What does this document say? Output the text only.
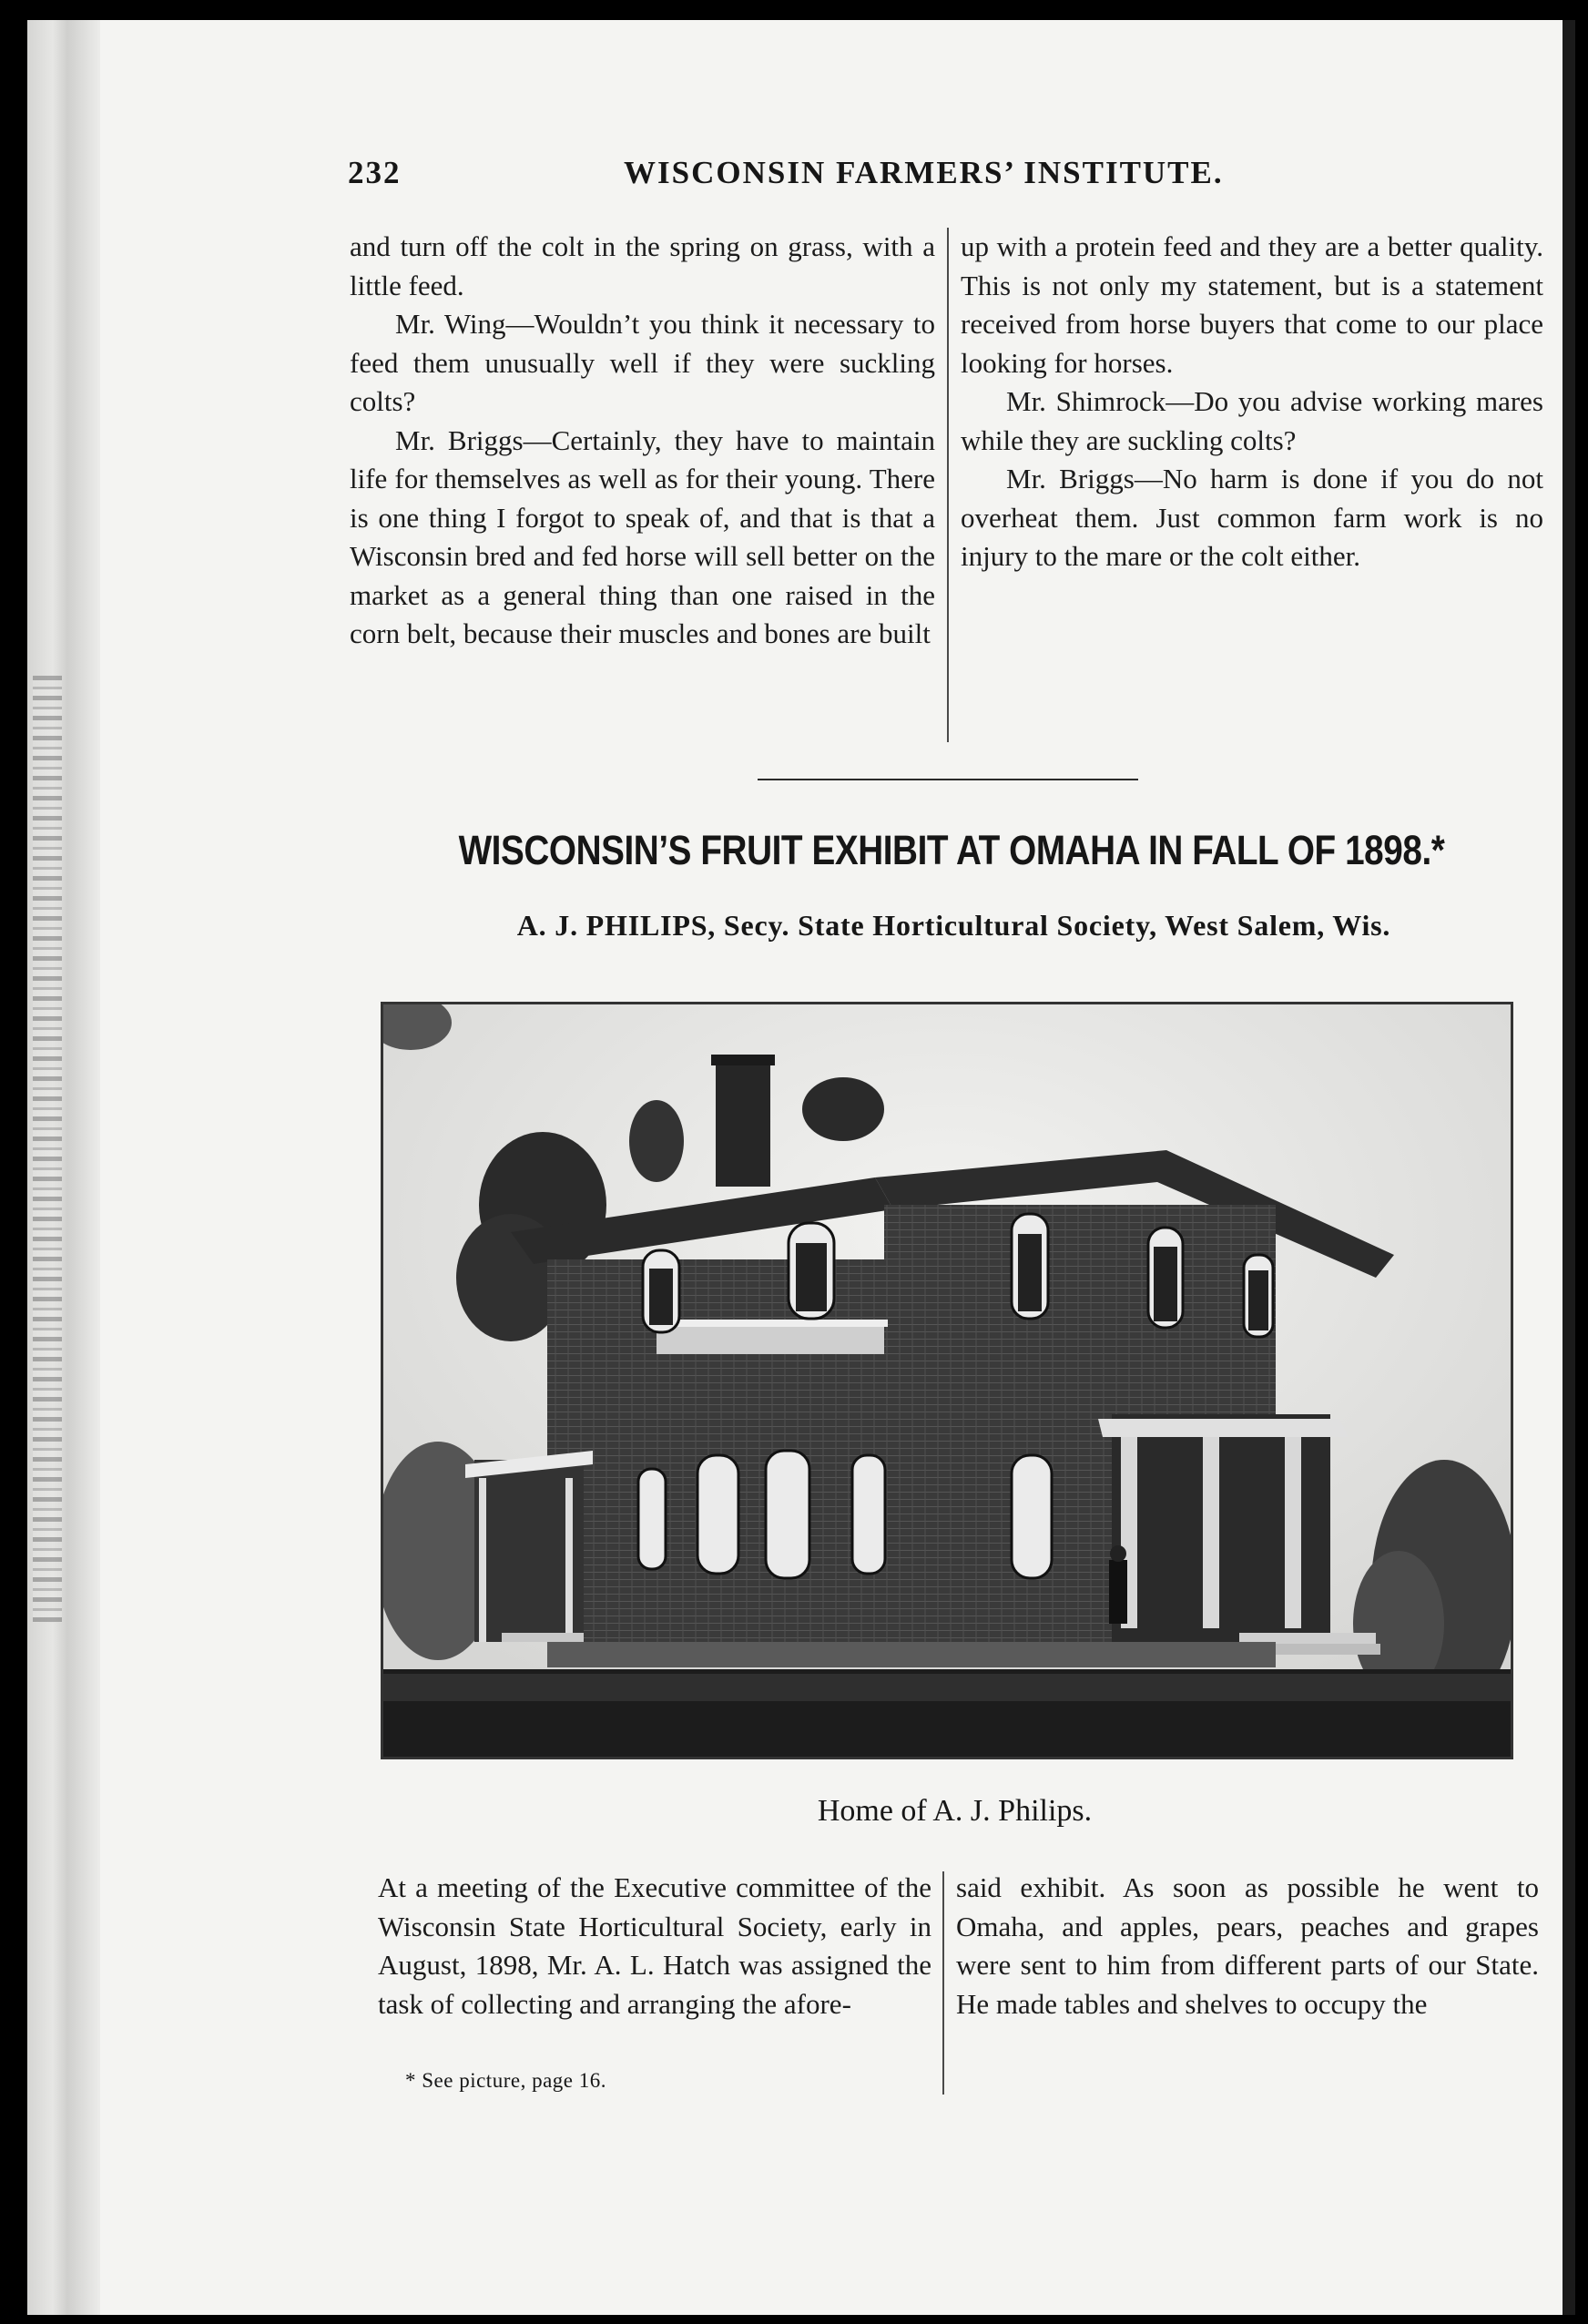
232	WISCONSIN FARMERS’ INSTITUTE.

and turn off the colt in the spring on grass, with a little feed.

Mr. Wing—Wouldn’t you think it necessary to feed them unusually well if they were suckling colts?

Mr. Briggs—Certainly, they have to maintain life for themselves as well as for their young. There is one thing I forgot to speak of, and that is that a Wisconsin bred and fed horse will sell better on the market as a general thing than one raised in the corn belt, because their muscles and bones are built

up with a protein feed and they are a better quality. This is not only my statement, but is a statement received from horse buyers that come to our place looking for horses.

Mr. Shimrock—Do you advise working mares while they are suckling colts?

Mr. Briggs—No harm is done if you do not overheat them. Just common farm work is no injury to the mare or the colt either.

WISCONSIN’S FRUIT EXHIBIT AT OMAHA IN FALL OF 1898.*
A. J. PHILIPS, Secy. State Horticultural Society, West Salem, Wis.
Home of A. J. Philips.

At a meeting of the Executive committee of the Wisconsin State Horticultural Society, early in August, 1898, Mr. A. L. Hatch was assigned the task of collecting and arranging the afore-

said exhibit. As soon as possible he went to Omaha, and apples, pears, peaches and grapes were sent to him from different parts of our State. He made tables and shelves to occupy the

* See picture, page 16.
